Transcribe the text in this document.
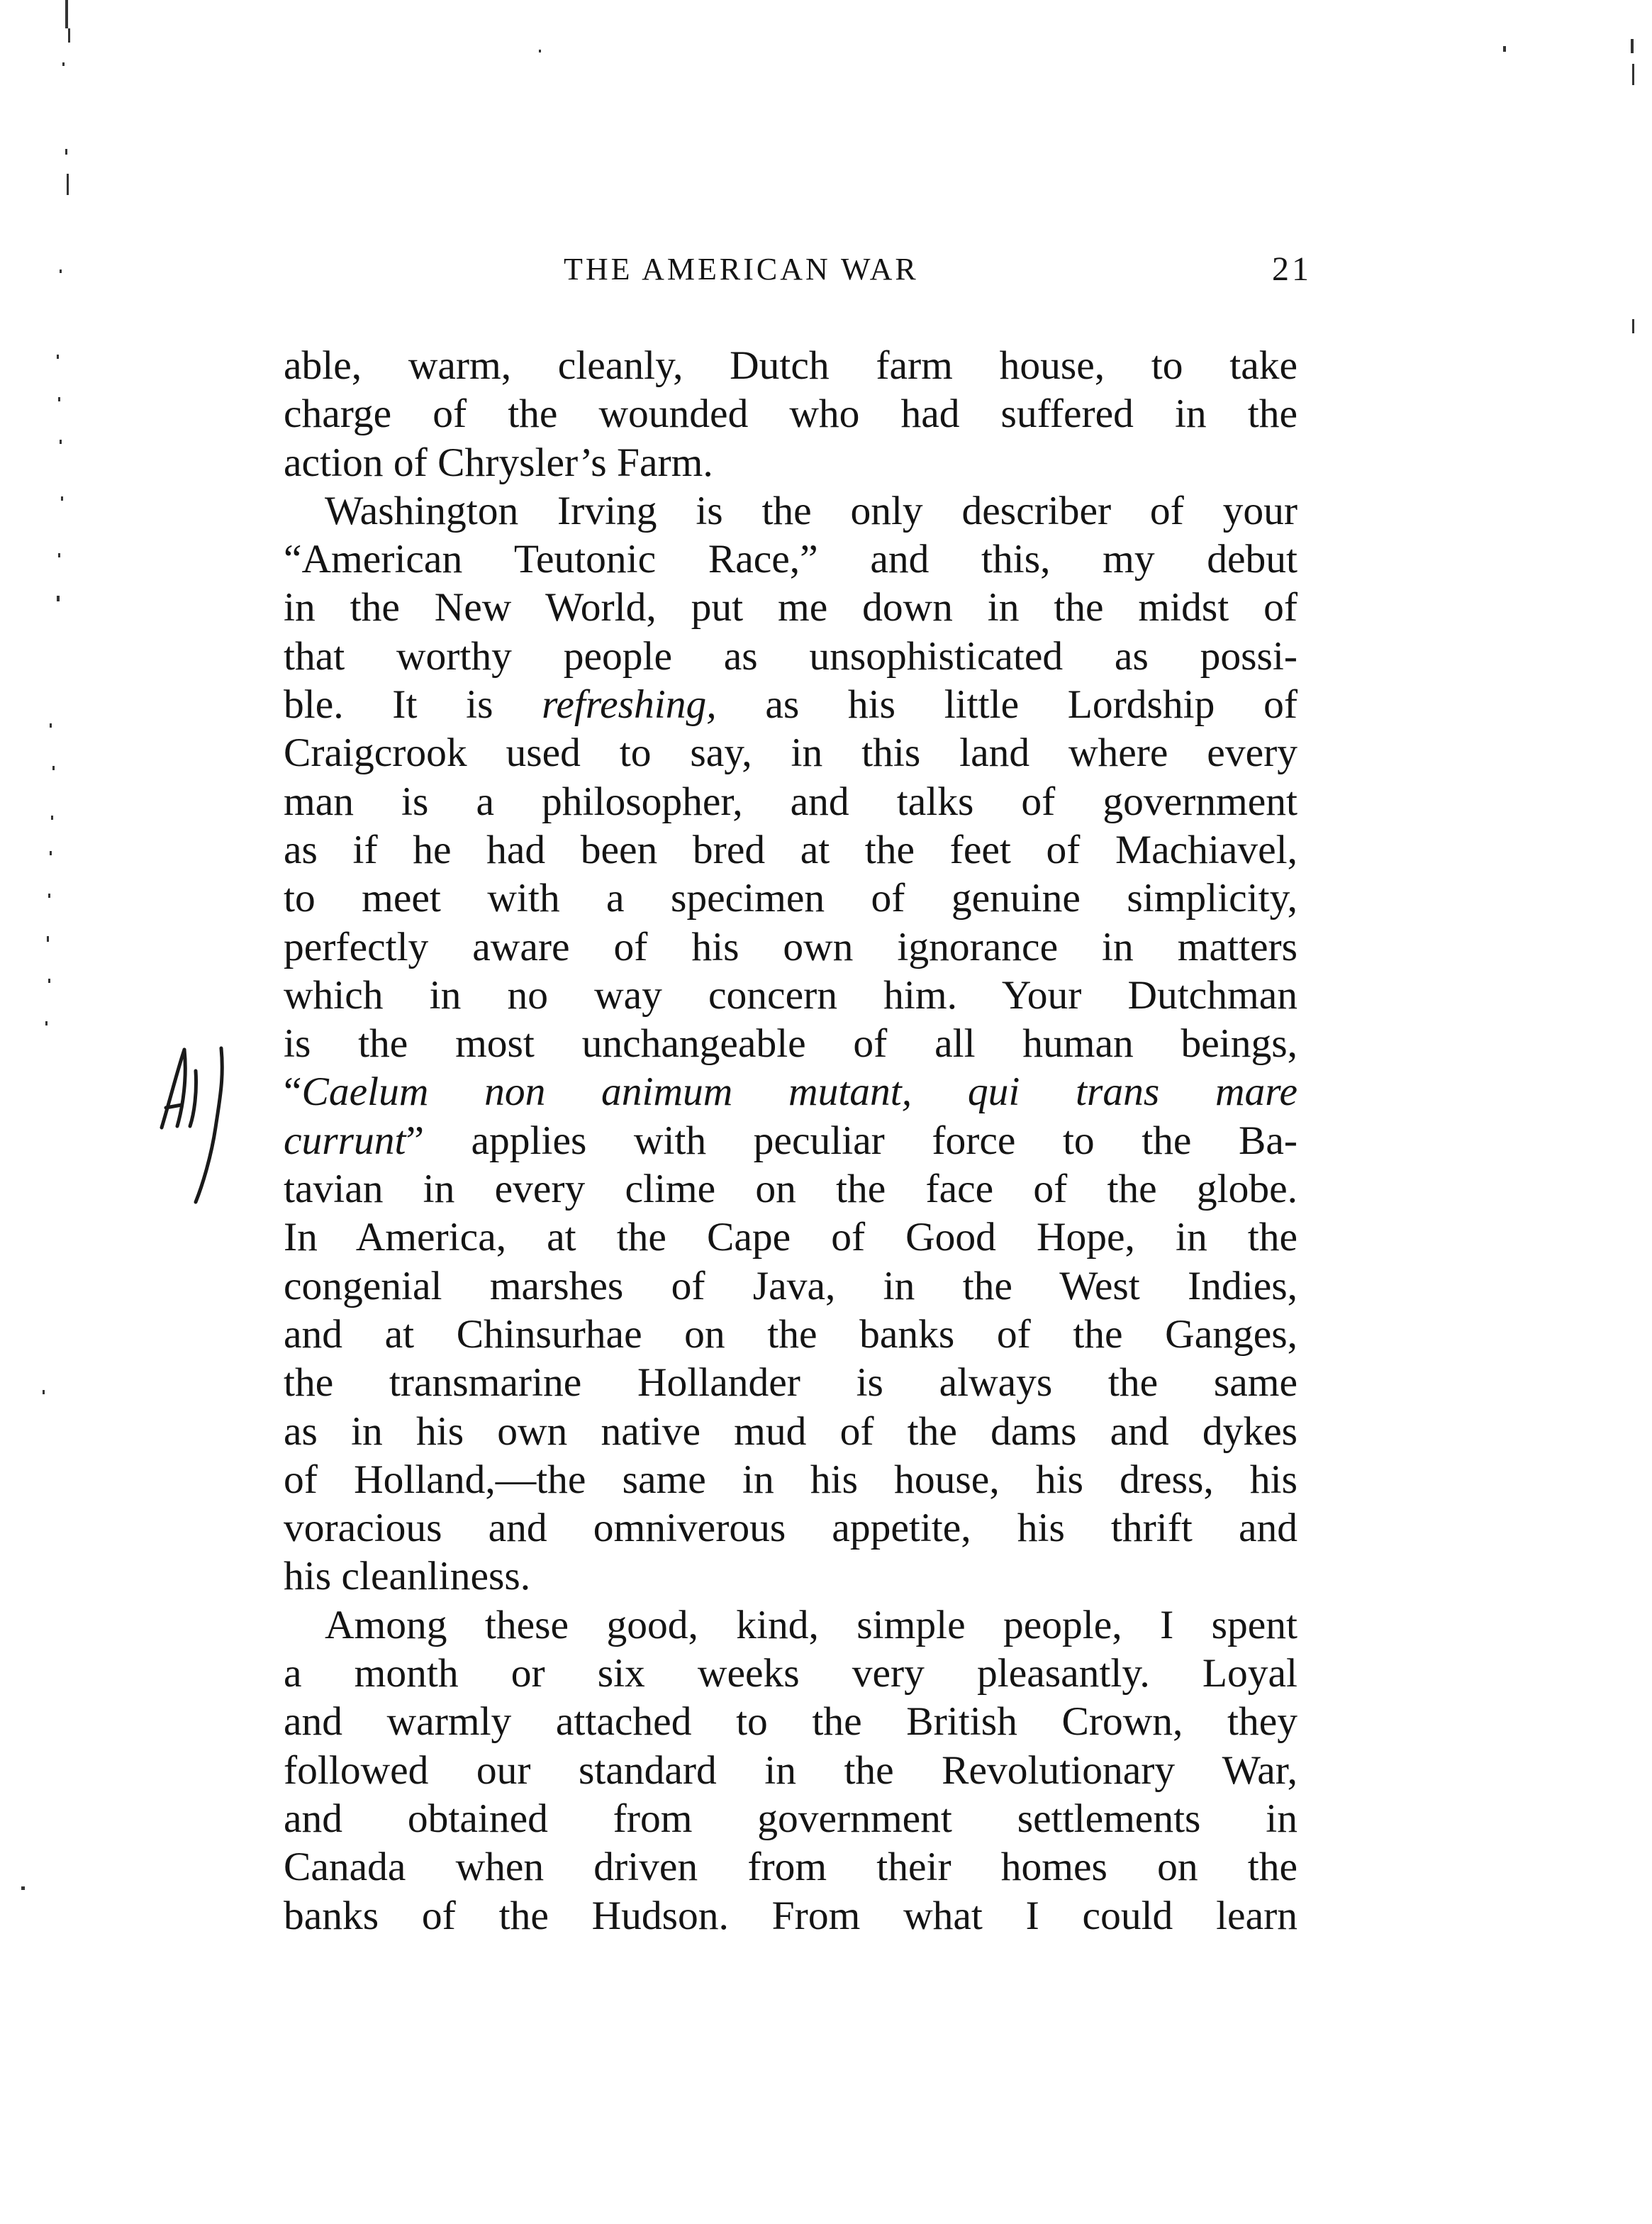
THE AMERICAN WAR	21
able, warm, cleanly, Dutch farm house, to take
charge of the wounded who had suffered in the
action of Chrysler’s Farm.
Washington Irving is the only describer of your
“American Teutonic Race,” and this, my debut
in the New World, put me down in the midst of
that worthy people as unsophisticated as possi-
ble. It is refreshing, as his little Lordship of
Craigcrook used to say, in this land where every
man is a philosopher, and talks of government
as if he had been bred at the feet of Machiavel,
to meet with a specimen of genuine simplicity,
perfectly aware of his own ignorance in matters
which in no way concern him. Your Dutchman
is the most unchangeable of all human beings,
“Caelum non animum mutant, qui trans mare
currunt” applies with peculiar force to the Ba-
tavian in every clime on the face of the globe.
In America, at the Cape of Good Hope, in the
congenial marshes of Java, in the West Indies,
and at Chinsurhae on the banks of the Ganges,
the transmarine Hollander is always the same
as in his own native mud of the dams and dykes
of Holland,—the same in his house, his dress, his
voracious and omniverous appetite, his thrift and
his cleanliness.
Among these good, kind, simple people, I spent
a month or six weeks very pleasantly. Loyal
and warmly attached to the British Crown, they
followed our standard in the Revolutionary War,
and obtained from government settlements in
Canada when driven from their homes on the
banks of the Hudson. From what I could learn
